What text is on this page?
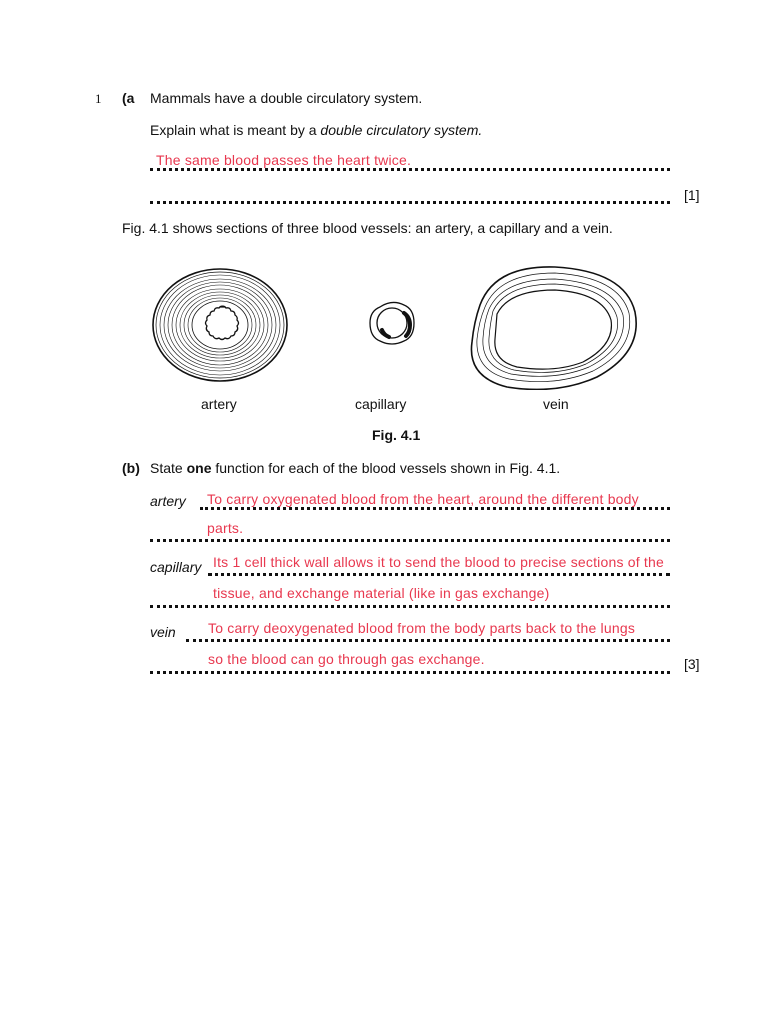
1 (a Mammals have a double circulatory system.
Explain what is meant by a double circulatory system.
The same blood passes the heart twice.
[1]
Fig. 4.1 shows sections of three blood vessels: an artery, a capillary and a vein.
artery	capillary	vein
Fig. 4.1
(b) State one function for each of the blood vessels shown in Fig. 4.1.
artery To carry oxygenated blood from the heart, around the different body
parts.
capillary Its 1 cell thick wall allows it to send the blood to precise sections of the
tissue, and exchange material (like in gas exchange)
vein To carry deoxygenated blood from the body parts back to the lungs
so the blood can go through gas exchange.	[3]
